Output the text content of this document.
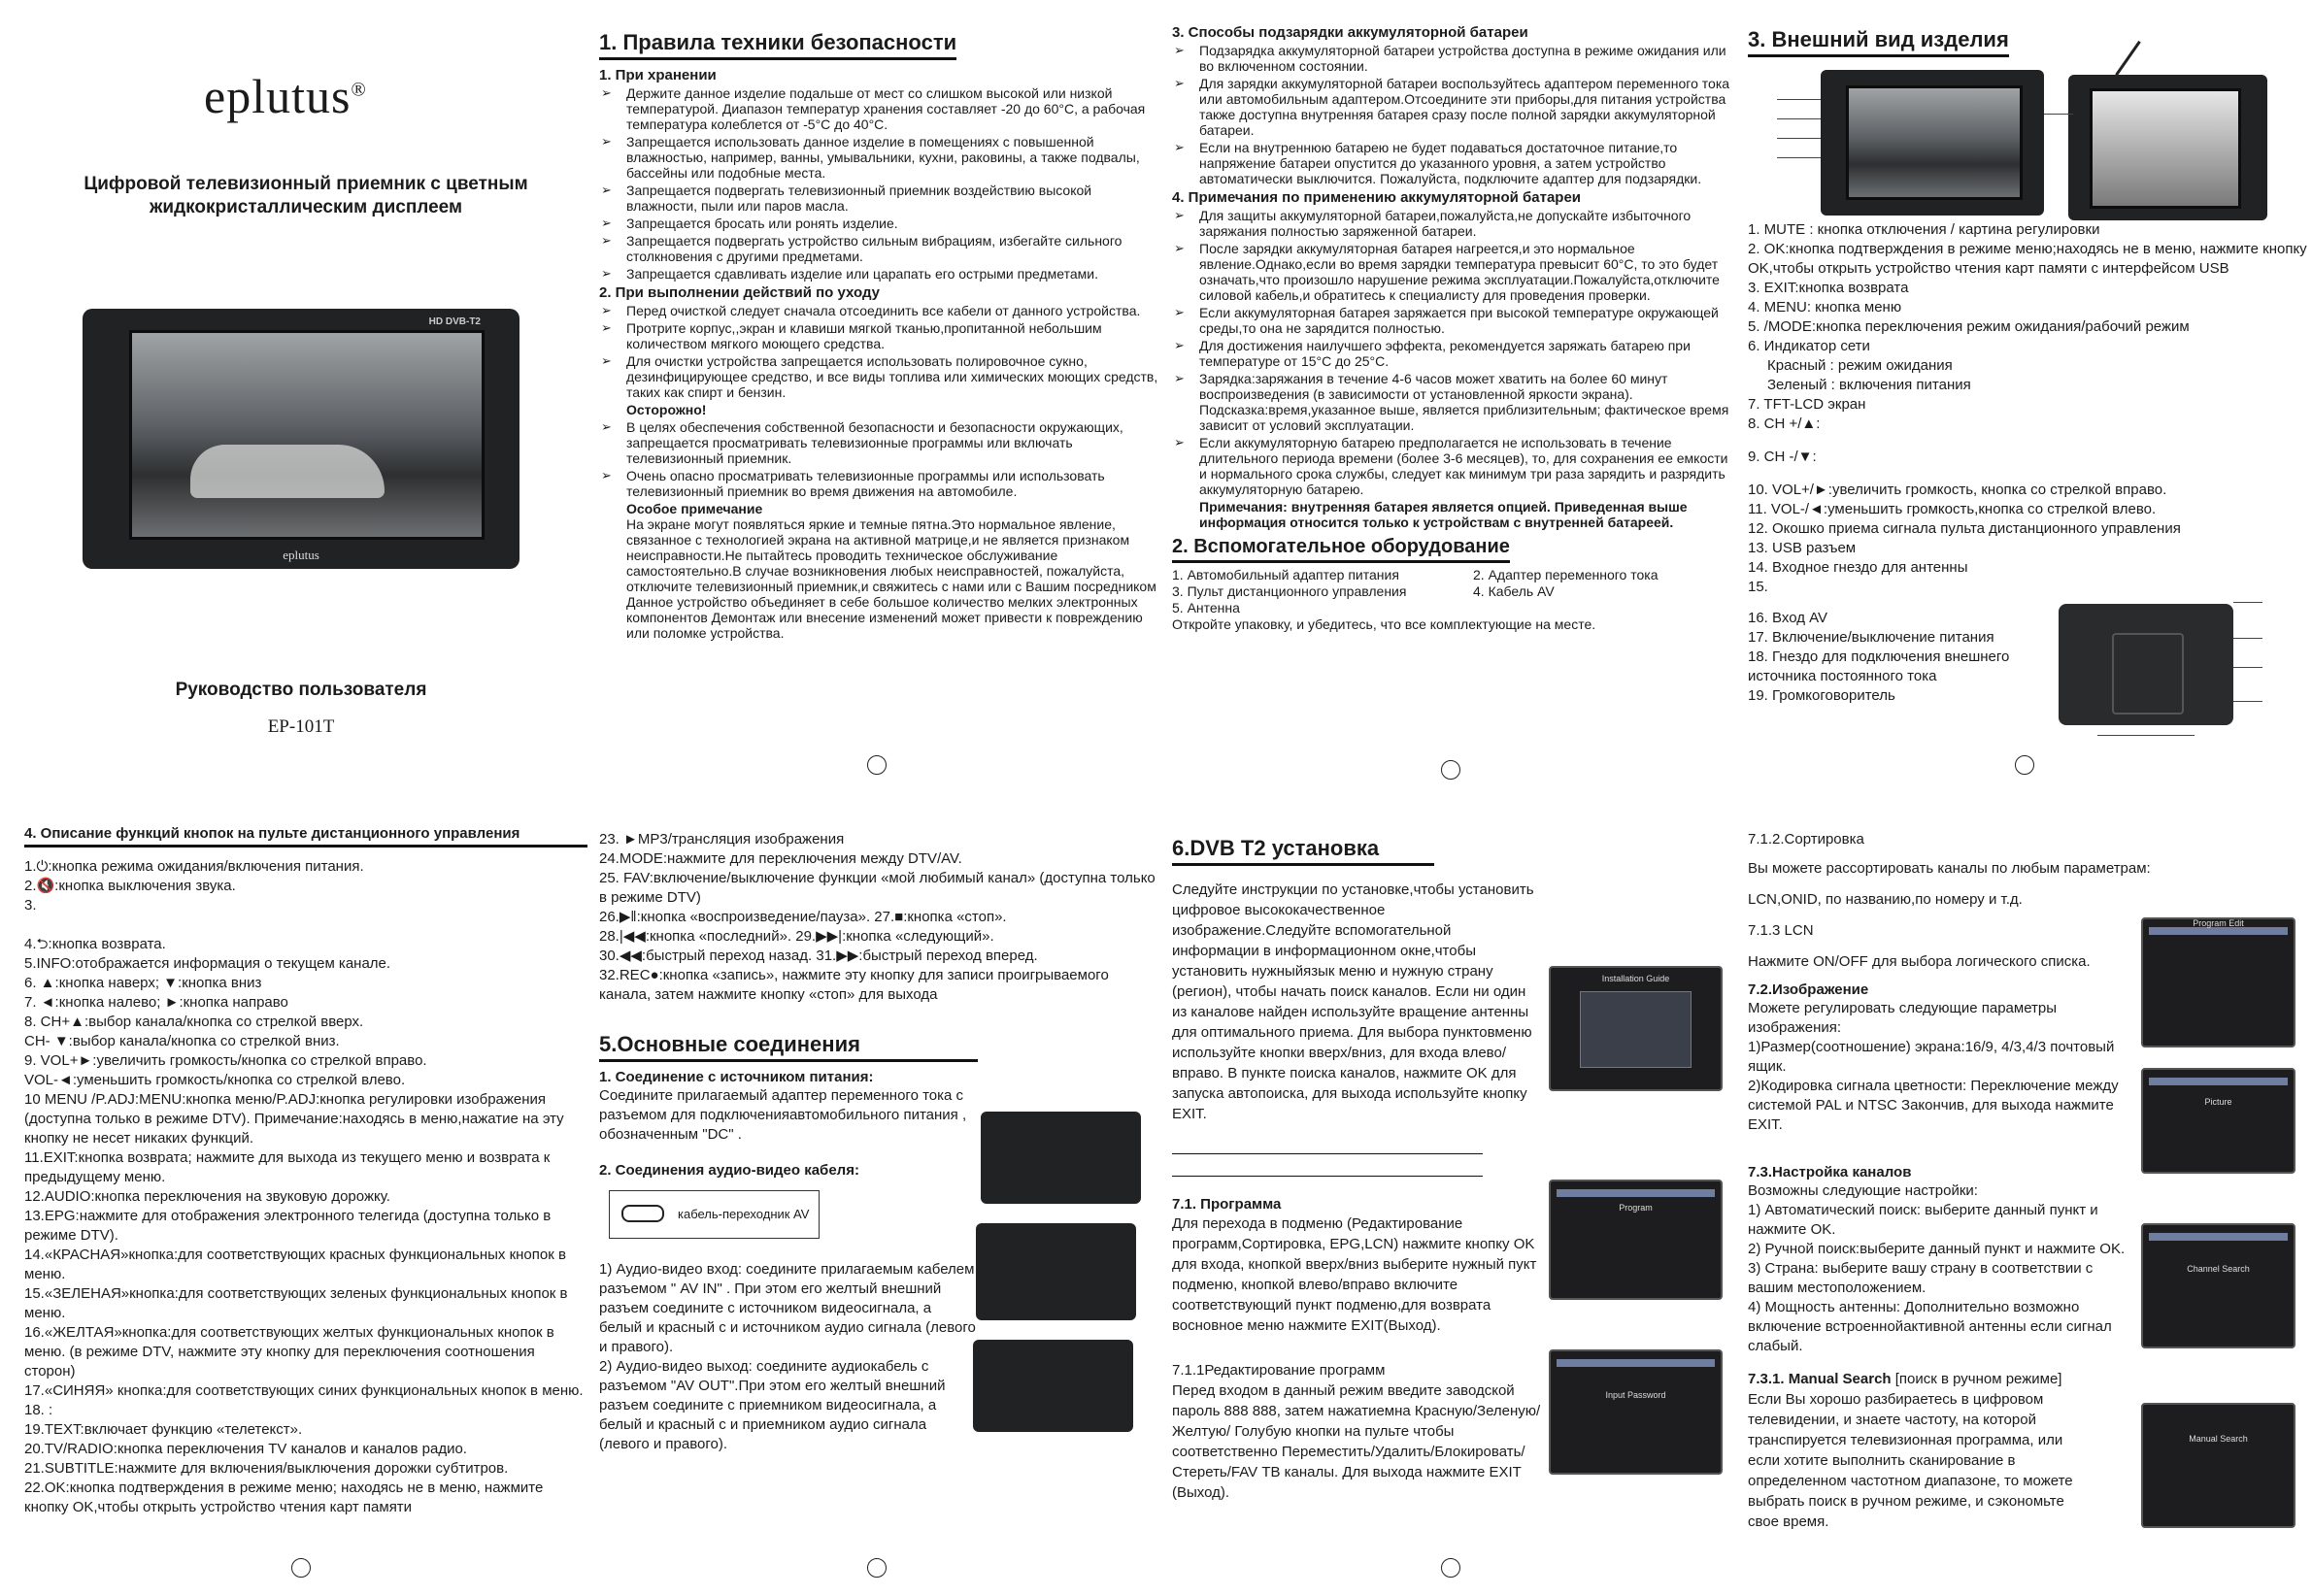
eplutus®
Цифровой телевизионный приемник с цветным жидкокристаллическим дисплеем
HD DVB-T2
eplutus
Руководство пользователя
EP-101T
1. Правила техники безопасности
1. При хранении
➢ Держите данное изделие подальше от мест со слишком высокой или низкой температурой. Диапазон температур хранения составляет -20 до 60°C, а рабочая температура колеблется от -5°C до 40°C.
➢ Запрещается использовать данное изделие в помещениях с повышенной влажностью, например, ванны, умывальники, кухни, раковины, а также подвалы, бассейны или подобные места.
➢ Запрещается подвергать телевизионный приемник воздействию высокой влажности, пыли или паров масла.
➢ Запрещается бросать или ронять изделие.
➢ Запрещается подвергать устройство сильным вибрациям, избегайте сильного столкновения с другими предметами.
➢ Запрещается сдавливать изделие или царапать его острыми предметами.
2. При выполнении действий по уходу
➢ Перед очисткой следует сначала отсоединить все кабели от данного устройства.
➢ Протрите корпус,,экран и клавиши мягкой тканью,пропитанной небольшим количеством мягкого моющего средства.
➢ Для очистки устройства запрещается использовать полировочное сукно, дезинфицирующее средство, и все виды топлива или химических моющих средств, таких как спирт и бензин.
Осторожно!
➢ В целях обеспечения собственной безопасности и безопасности окружающих, запрещается просматривать телевизионные программы или включать телевизионный приемник.
➢ Очень опасно просматривать телевизионные программы или использовать телевизионный приемник во время движения на автомобиле.
Особое примечание
На экране могут появляться яркие и темные пятна.Это нормальное явление, связанное с технологией экрана на активной матрице,и не является признаком неисправности.Не пытайтесь проводить техническое обслуживание самостоятельно.В случае возникновения любых неисправностей, пожалуйста, отключите телевизионный приемник,и свяжитесь с нами или с Вашим посредником Данное устройство объединяет в себе большое количество мелких электронных компонентов Демонтаж или внесение изменений может привести к повреждению или поломке устройства.
3. Способы подзарядки аккумуляторной батареи
➢ Подзарядка аккумуляторной батареи устройства доступна в режиме ожидания или во включенном состоянии.
➢ Для зарядки аккумуляторной батареи воспользуйтесь адаптером переменного тока или автомобильным адаптером.Отсоедините эти приборы,для питания устройства также доступна внутренняя батарея сразу после полной зарядки аккумуляторной батареи.
➢ Если на внутреннюю батарею не будет подаваться достаточное питание,то напряжение батареи опустится до указанного уровня, а затем устройство автоматически выключится. Пожалуйста, подключите адаптер для подзарядки.
4. Примечания по применению аккумуляторной батареи
➢ Для защиты аккумуляторной батареи,пожалуйста,не допускайте избыточного заряжания полностью заряженной батареи.
➢ После зарядки аккумуляторная батарея нагреется,и это нормальное явление.Однако,если во время зарядки температура превысит 60°C, то это будет означать,что произошло нарушение режима эксплуатации.Пожалуйста,отключите силовой кабель,и обратитесь к специалисту для проведения проверки.
➢ Если аккумуляторная батарея заряжается при высокой температуре окружающей среды,то она не зарядится полностью.
➢ Для достижения наилучшего эффекта, рекомендуется заряжать батарею при температуре от 15°C до 25°C.
➢ Зарядка:заряжания в течение 4-6 часов может хватить на более 60 минут воспроизведения (в зависимости от установленной яркости экрана). Подсказка:время,указанное выше, является приблизительным; фактическое время зависит от условий эксплуатации.
➢ Если аккумуляторную батарею предполагается не использовать в течение длительного периода времени (более 3-6 месяцев), то, для сохранения ее емкости и нормального срока службы, следует как минимум три раза зарядить и разрядить аккумуляторную батарею.
Примечания: внутренняя батарея является опцией. Приведенная выше информация относится только к устройствам с внутренней батареей.
2. Вспомогательное оборудование
1. Автомобильный адаптер питания	2. Адаптер переменного тока
3. Пульт дистанционного управления	4. Кабель AV
5. Антенна
Откройте упаковку, и убедитесь, что все комплектующие на месте.
3. Внешний вид изделия
1. MUTE : кнопка отключения / картина регулировки
2. OK:кнопка подтверждения в режиме меню;находясь не в меню, нажмите кнопку OK,чтобы открыть устройство чтения карт памяти с интерфейсом USB
3. EXIT:кнопка возврата
4. MENU: кнопка меню
5. /MODE:кнопка переключения режим ожидания/рабочий режим
6. Индикатор сети
Красный : режим ожидания
Зеленый : включения питания
7. TFT-LCD экран
8. CH +/▲:
9. CH -/▼:
10. VOL+/►:увеличить громкость, кнопка со стрелкой вправо.
11. VOL-/◄:уменьшить громкость,кнопка со стрелкой влево.
12. Окошко приема сигнала пульта дистанционного управления
13. USB разъем
14. Входное гнездо для антенны
15.
16. Вход AV
17. Включение/выключение питания
18. Гнездо для подключения внешнего источника постоянного тока
19. Громкоговоритель
4. Описание функций кнопок на пульте дистанционного управления
1.⏻:кнопка режима ожидания/включения питания.
2.🔇:кнопка выключения звука.
3.
4.⮌:кнопка возврата.
5.INFO:отображается информация о текущем канале.
6. ▲:кнопка наверх; ▼:кнопка вниз
7. ◄:кнопка налево; ►:кнопка направо
8. CH+▲:выбор канала/кнопка со стрелкой вверх.
CH- ▼:выбор канала/кнопка со стрелкой вниз.
9. VOL+►:увеличить громкость/кнопка со стрелкой вправо.
VOL-◄:уменьшить громкость/кнопка со стрелкой влево.
10 MENU /P.ADJ:MENU:кнопка меню/P.ADJ:кнопка регулировки изображения (доступна только в режиме DTV). Примечание:находясь в меню,нажатие на эту кнопку не несет никаких функций.
11.EXIT:кнопка возврата; нажмите для выхода из текущего меню и возврата к предыдущему меню.
12.AUDIO:кнопка переключения на звуковую дорожку.
13.EPG:нажмите для отображения электронного телегида (доступна только в режиме DTV).
14.«КРАСНАЯ»кнопка:для соответствующих красных функциональных кнопок в меню.
15.«ЗЕЛЕНАЯ»кнопка:для соответствующих зеленых функциональных кнопок в меню.
16.«ЖЕЛТАЯ»кнопка:для соответствующих желтых функциональных кнопок в меню. (в режиме DTV, нажмите эту кнопку для переключения соотношения сторон)
17.«СИНЯЯ» кнопка:для соответствующих синих функциональных кнопок в меню.
18. :
19.TEXT:включает функцию «телетекст».
20.TV/RADIO:кнопка переключения TV каналов и каналов радио.
21.SUBTITLE:нажмите для включения/выключения дорожки субтитров.
22.OK:кнопка подтверждения в режиме меню; находясь не в меню, нажмите кнопку OK,чтобы открыть устройство чтения карт памяти
23. ►MP3/трансляция изображения
24.MODE:нажмите для переключения между DTV/AV.
25. FAV:включение/выключение функции «мой любимый канал» (доступна только в режиме DTV)
26.▶‖:кнопка «воспроизведение/пауза». 27.■:кнопка «стоп».
28.|◀◀:кнопка «последний». 29.▶▶|:кнопка «следующий».
30.◀◀:быстрый переход назад. 31.▶▶:быстрый переход вперед.
32.REC●:кнопка «запись», нажмите эту кнопку для записи проигрываемого канала, затем нажмите кнопку «стоп» для выхода
5.Основные соединения
1. Соединение с источником питания:
Соедините прилагаемый адаптер переменного тока с разъемом для подключенияавтомобильного питания , обозначенным "DC" .
2. Соединения аудио-видео кабеля:
кабель-переходник AV
1) Аудио-видео вход: соедините прилагаемым кабелем разъемом " AV IN" . При этом его желтый внешний разъем соедините с источником видеосигнала, а белый и красный с и источником аудио сигнала (левого и правого).
2) Аудио-видео выход: соедините аудиокабель с разъемом "AV OUT".При этом его желтый внешний разъем соедините с приемником видеосигнала, а белый и красный с и приемником аудио сигнала (левого и правого).
6.DVB T2 установка
Следуйте инструкции по установке,чтобы установить цифровое высококачественное изображение.Следуйте вспомогательной информации в информационном окне,чтобы установить нужныйязык меню и нужную страну (регион), чтобы начать поиск каналов. Если ни один из каналове найден используйте вращение антенны для оптимального приема. Для выбора пунктовменю используйте кнопки вверх/вниз, для входа влево/вправо. В пункте поиска каналов, нажмите OK для запуска автопоиска, для выхода используйте кнопку EXIT.
7.1. Программа
Для перехода в подменю (Редактирование программ,Сортировка, EPG,LCN) нажмите кнопку OK для входа, кнопкой вверх/вниз выберите нужный пукт подменю, кнопкой влево/вправо включите соответствующий пункт подменю,для возврата восновное меню нажмите EXIT(Выход).
7.1.1Редактирование программ
Перед входом в данный режим введите заводской пароль 888 888, затем нажатиемна Красную/Зеленую/Желтую/ Голубую кнопки на пульте чтобы соответственно Переместить/Удалить/Блокировать/Стереть/FAV ТВ каналы. Для выхода нажмите EXIT (Выход).
Installation Guide
Program
Input Password
7.1.2.Сортировка
Вы можете рассортировать каналы по любым параметрам: LCN,ONID, по названию,по номеру и т.д.
7.1.3 LCN
Нажмите ON/OFF для выбора логического списка.
7.2.Изображение
Можете регулировать следующие параметры изображения:
1)Размер(соотношение) экрана:16/9, 4/3,4/3 почтовый ящик.
2)Кодировка сигнала цветности: Переключение между системой PAL и NTSC Закончив, для выхода нажмите EXIT.
7.3.Настройка каналов
Возможны следующие настройки:
1) Автоматический поиск: выберите данный пункт и нажмите OK.
2) Ручной поиск:выберите данный пункт и нажмите OK.
3) Страна: выберите вашу страну в соответствии с вашим местоположением.
4) Мощность антенны: Дополнительно возможно включение встроеннойактивной антенны если сигнал слабый.
7.3.1. Manual Search [поиск в ручном режиме]
Если Вы хорошо разбираетесь в цифровом телевидении, и знаете частоту, на которой транспируется телевизионная программа, или если хотите выполнить сканирование в определенном частотном диапазоне, то можете выбрать поиск в ручном режиме, и сэкономьте свое время.
Program Edit
Picture
Channel Search
Manual Search
